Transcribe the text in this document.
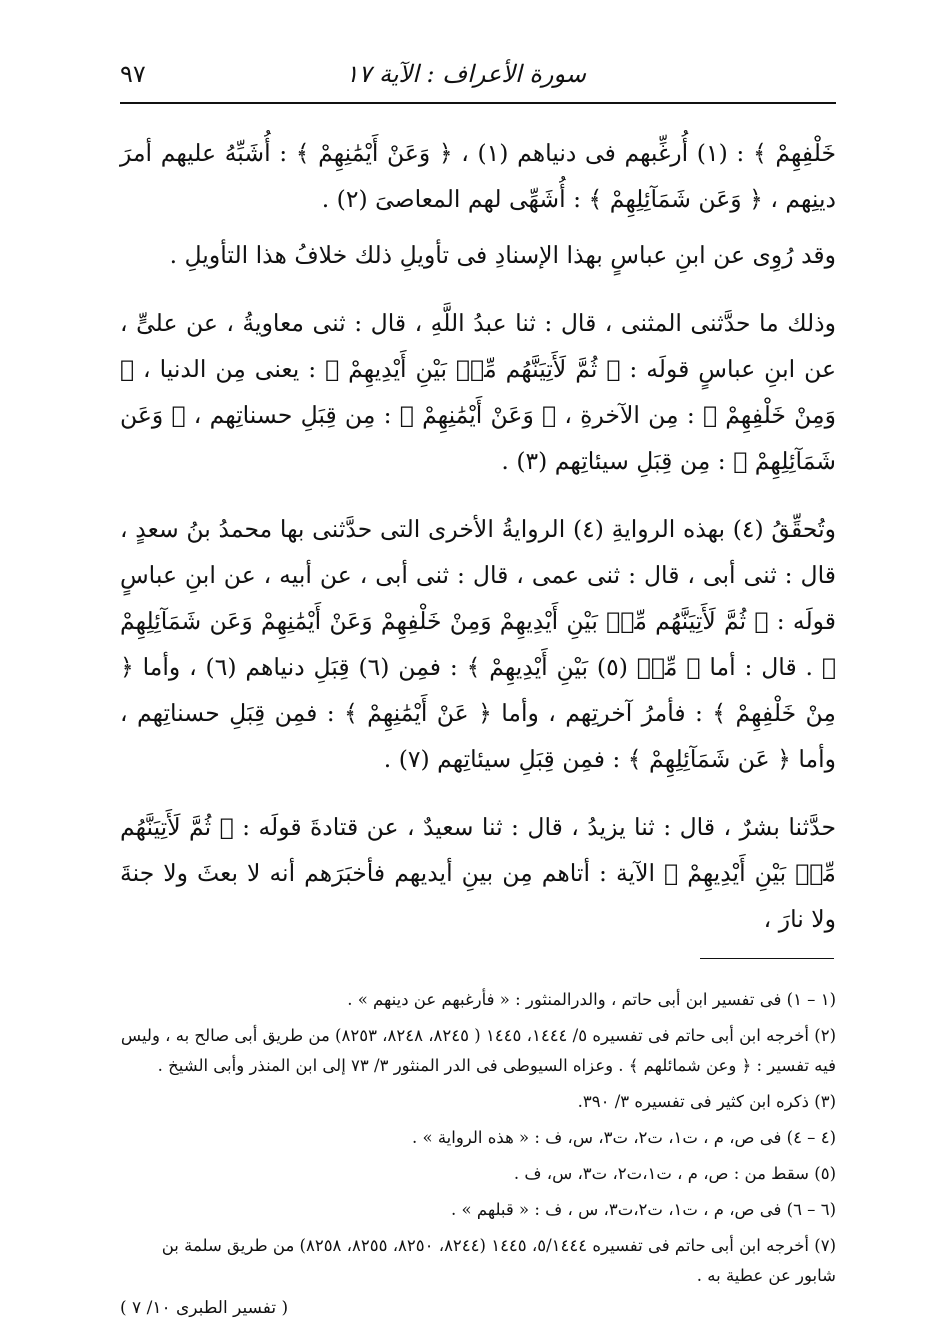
سورة الأعراف : الآية ١٧
٩٧

خَلْفِهِمْ ﴾ : (١) أُرغِّبهم فى دنياهم (١) ، ﴿ وَعَنْ أَيْمَٰنِهِمْ ﴾ : أُشَبِّهُ عليهم أمرَ دينِهم ، ﴿ وَعَن شَمَآئِلِهِمْ ﴾ : أُشَهِّى لهم المعاصىَ (٢) .

وقد رُوِى عن ابنِ عباسٍ بهذا الإسنادِ فى تأويلِ ذلك خلافُ هذا التأويلِ .

وذلك ما حدَّثنى المثنى ، قال : ثنا عبدُ اللَّهِ ، قال : ثنى معاويةُ ، عن علىٍّ ، عن ابنِ عباسٍ قولَه : ﴿ ثُمَّ لَأَتِيَنَّهُم مِّنۢ بَيْنِ أَيْدِيهِمْ ﴾ : يعنى مِن الدنيا ، ﴿ وَمِنْ خَلْفِهِمْ ﴾ : مِن الآخرةِ ، ﴿ وَعَنْ أَيْمَٰنِهِمْ ﴾ : مِن قِبَلِ حسناتِهم ، ﴿ وَعَن شَمَآئِلِهِمْ ﴾ : مِن قِبَلِ سيئاتِهم (٣) .

وتُحقِّقُ (٤) بهذه الروايةِ (٤) الروايةُ الأخرى التى حدَّثنى بها محمدُ بنُ سعدٍ ، قال : ثنى أبى ، قال : ثنى عمى ، قال : ثنى أبى ، عن أبيه ، عن ابنِ عباسٍ قولَه : ﴿ ثُمَّ لَأَتِيَنَّهُم مِّنۢ بَيْنِ أَيْدِيهِمْ وَمِنْ خَلْفِهِمْ وَعَنْ أَيْمَٰنِهِمْ وَعَن شَمَآئِلِهِمْ ﴾ . قال : أما ﴿ مِّنۢ (٥) بَيْنِ أَيْدِيهِمْ ﴾ : فمِن (٦) قِبَلِ دنياهم (٦) ، وأما ﴿ مِنْ خَلْفِهِمْ ﴾ : فأمرُ آخرتِهم ، وأما ﴿ عَنْ أَيْمَٰنِهِمْ ﴾ : فمِن قِبَلِ حسناتِهم ، وأما ﴿ عَن شَمَآئِلِهِمْ ﴾ : فمِن قِبَلِ سيئاتِهم (٧) .

حدَّثنا بشرٌ ، قال : ثنا يزيدُ ، قال : ثنا سعيدٌ ، عن قتادةَ قولَه : ﴿ ثُمَّ لَأَتِيَنَّهُم مِّنۢ بَيْنِ أَيْدِيهِمْ ﴾ الآية : أتاهم مِن بينِ أيديهم فأخبَرَهم أنه لا بعثَ ولا جنةَ ولا نارَ ،

(١ – ١) فى تفسير ابن أبى حاتم ، والدرالمنثور : « فأرغبهم عن دينهم » .
(٢) أخرجه ابن أبى حاتم فى تفسيره ٥/ ١٤٤٤، ١٤٤٥ ( ٨٢٤٥، ٨٢٤٨، ٨٢٥٣) من طريق أبى صالح به ، وليس فيه تفسير : ﴿ وعن شمائلهم ﴾ . وعزاه السيوطى فى الدر المنثور ٣/ ٧٣ إلى ابن المنذر وأبى الشيخ .
(٣) ذكره ابن كثير فى تفسيره ٣/ ٣٩٠.
(٤ – ٤) فى ص، م ، ت١، ت٢، ت٣، س، ف : « هذه الرواية » .
(٥) سقط من : ص، م ، ت١،ت٢، ت٣، س، ف .
(٦ – ٦) فى ص، م ، ت١، ت٢،ت٣، س ، ف : « قبلهم » .
(٧) أخرجه ابن أبى حاتم فى تفسيره ٥/١٤٤٤، ١٤٤٥ (٨٢٤٤، ٨٢٥٠، ٨٢٥٥، ٨٢٥٨) من طريق سلمة بن شابور عن عطية به .
( تفسير الطبرى ١٠/ ٧ )
